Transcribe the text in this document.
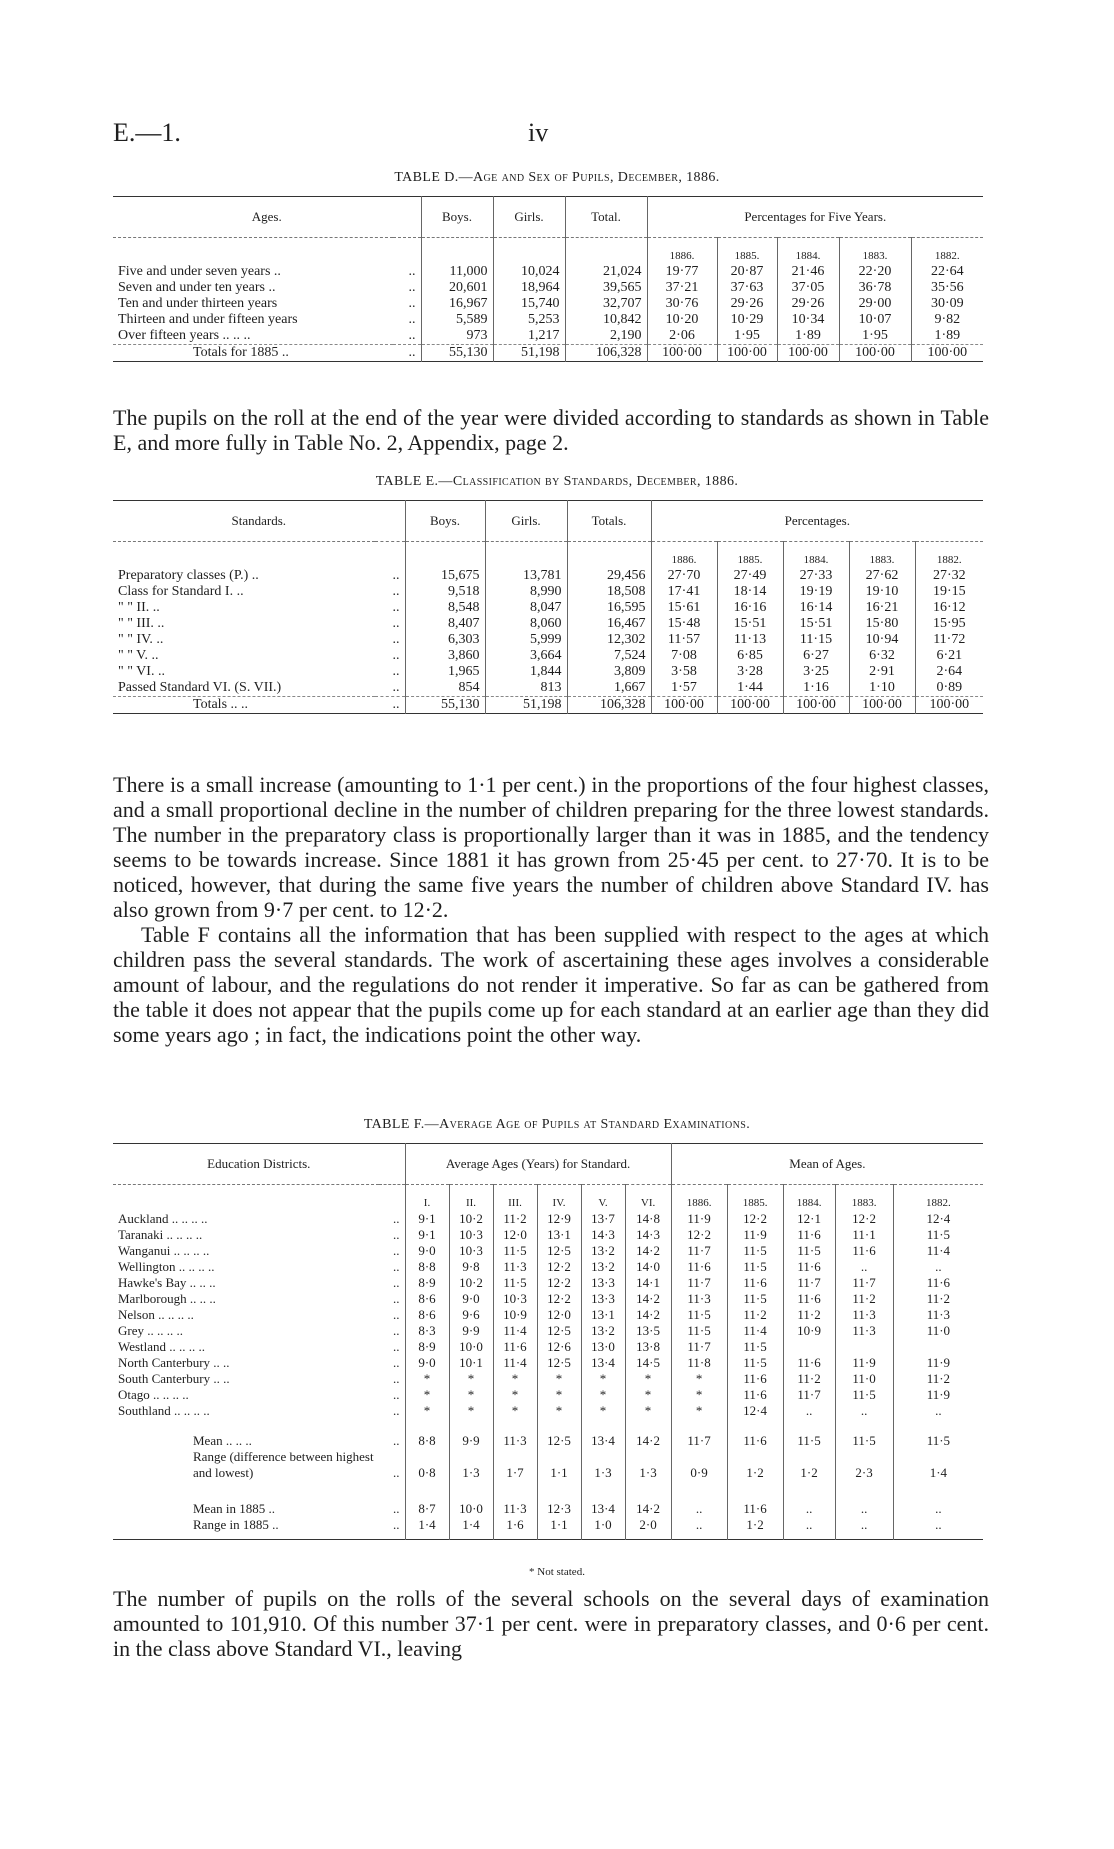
E.—1.	iv
TABLE D.—Age and Sex of Pupils, December, 1886.
Ages.		Boys.	Girls.	Total.	Percentages for Five Years.				
					1886.	1885.	1884.	1883.	1882.
Five and under seven years ..	..	11,000	10,024	21,024	19·77	20·87	21·46	22·20	22·64
Seven and under ten years ..	..	20,601	18,964	39,565	37·21	37·63	37·05	36·78	35·56
Ten and under thirteen years	..	16,967	15,740	32,707	30·76	29·26	29·26	29·00	30·09
Thirteen and under fifteen years	..	5,589	5,253	10,842	10·20	10·29	10·34	10·07	9·82
Over fifteen years .. .. ..	..	973	1,217	2,190	2·06	1·95	1·89	1·95	1·89
Totals for 1885 ..	..	55,130	51,198	106,328	100·00	100·00	100·00	100·00	100·00

The pupils on the roll at the end of the year were divided according to standards as shown in Table E, and more fully in Table No. 2, Appendix, page 2.

TABLE E.—Classification by Standards, December, 1886.
Standards.		Boys.	Girls.	Totals.	Percentages.				
					1886.	1885.	1884.	1883.	1882.
Preparatory classes (P.) ..	..	15,675	13,781	29,456	27·70	27·49	27·33	27·62	27·32
Class for Standard I. ..	..	9,518	8,990	18,508	17·41	18·14	19·19	19·10	19·15
" " II. ..	..	8,548	8,047	16,595	15·61	16·16	16·14	16·21	16·12
" " III. ..	..	8,407	8,060	16,467	15·48	15·51	15·51	15·80	15·95
" " IV. ..	..	6,303	5,999	12,302	11·57	11·13	11·15	10·94	11·72
" " V. ..	..	3,860	3,664	7,524	7·08	6·85	6·27	6·32	6·21
" " VI. ..	..	1,965	1,844	3,809	3·58	3·28	3·25	2·91	2·64
Passed Standard VI. (S. VII.)	..	854	813	1,667	1·57	1·44	1·16	1·10	0·89
Totals .. ..	..	55,130	51,198	106,328	100·00	100·00	100·00	100·00	100·00

There is a small increase (amounting to 1·1 per cent.) in the proportions of the four highest classes, and a small proportional decline in the number of children preparing for the three lowest standards. The number in the preparatory class is proportionally larger than it was in 1885, and the tendency seems to be towards increase. Since 1881 it has grown from 25·45 per cent. to 27·70. It is to be noticed, however, that during the same five years the number of children above Standard IV. has also grown from 9·7 per cent. to 12·2.

Table F contains all the information that has been supplied with respect to the ages at which children pass the several standards. The work of ascertaining these ages involves a considerable amount of labour, and the regulations do not render it imperative. So far as can be gathered from the table it does not appear that the pupils come up for each standard at an earlier age than they did some years ago ; in fact, the indications point the other way.

TABLE F.—Average Age of Pupils at Standard Examinations.
Education Districts.		Average Ages (Years) for Standard.						Mean of Ages.				
		I.	II.	III.	IV.	V.	VI.	1886.	1885.	1884.	1883.	1882.
Auckland .. .. .. ..	..	9·1	10·2	11·2	12·9	13·7	14·8	11·9	12·2	12·1	12·2	12·4
Taranaki .. .. .. ..	..	9·1	10·3	12·0	13·1	14·3	14·3	12·2	11·9	11·6	11·1	11·5
Wanganui .. .. .. ..	..	9·0	10·3	11·5	12·5	13·2	14·2	11·7	11·5	11·5	11·6	11·4
Wellington .. .. .. ..	..	8·8	9·8	11·3	12·2	13·2	14·0	11·6	11·5	11·6	..	..
Hawke's Bay .. .. ..	..	8·9	10·2	11·5	12·2	13·3	14·1	11·7	11·6	11·7	11·7	11·6
Marlborough .. .. ..	..	8·6	9·0	10·3	12·2	13·3	14·2	11·3	11·5	11·6	11·2	11·2
Nelson .. .. .. ..	..	8·6	9·6	10·9	12·0	13·1	14·2	11·5	11·2	11·2	11·3	11·3
Grey .. .. .. ..	..	8·3	9·9	11·4	12·5	13·2	13·5	11·5	11·4	10·9	11·3	11·0
Westland .. .. .. ..	..	8·9	10·0	11·6	12·6	13·0	13·8	11·7	11·5			
North Canterbury .. ..	..	9·0	10·1	11·4	12·5	13·4	14·5	11·8	11·5	11·6	11·9	11·9
South Canterbury .. ..	..	*	*	*	*	*	*	*	11·6	11·2	11·0	11·2
Otago .. .. .. ..	..	*	*	*	*	*	*	*	11·6	11·7	11·5	11·9
Southland .. .. .. ..	..	*	*	*	*	*	*	*	12·4	..	..	..
Mean .. .. ..	..	8·8	9·9	11·3	12·5	13·4	14·2	11·7	11·6	11·5	11·5	11·5
Range (difference between highest and lowest)	..	0·8	1·3	1·7	1·1	1·3	1·3	0·9	1·2	1·2	2·3	1·4
Mean in 1885 ..	..	8·7	10·0	11·3	12·3	13·4	14·2	..	11·6	..	..	..
Range in 1885 ..	..	1·4	1·4	1·6	1·1	1·0	2·0	..	1·2	..	..	..
* Not stated.

The number of pupils on the rolls of the several schools on the several days of examination amounted to 101,910. Of this number 37·1 per cent. were in preparatory classes, and 0·6 per cent. in the class above Standard VI., leaving
